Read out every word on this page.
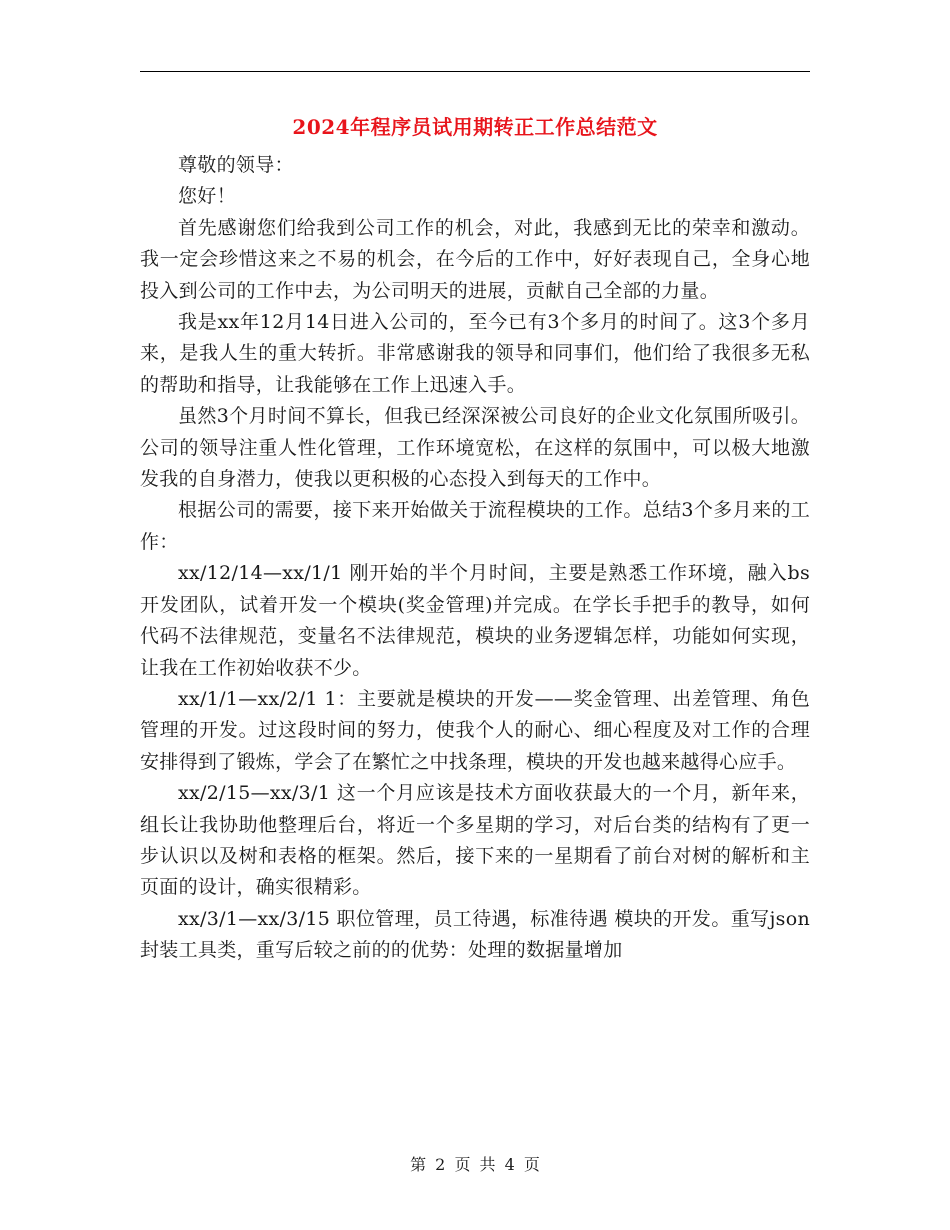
2024年程序员试用期转正工作总结范文

尊敬的领导：

您好！

首先感谢您们给我到公司工作的机会，对此，我感到无比的荣幸和激动。我一定会珍惜这来之不易的机会，在今后的工作中，好好表现自己，全身心地投入到公司的工作中去，为公司明天的进展，贡献自己全部的力量。

我是xx年12月14日进入公司的，至今已有3个多月的时间了。这3个多月来，是我人生的重大转折。非常感谢我的领导和同事们，他们给了我很多无私的帮助和指导，让我能够在工作上迅速入手。

虽然3个月时间不算长，但我已经深深被公司良好的企业文化氛围所吸引。公司的领导注重人性化管理，工作环境宽松，在这样的氛围中，可以极大地激发我的自身潜力，使我以更积极的心态投入到每天的工作中。

根据公司的需要，接下来开始做关于流程模块的工作。总结3个多月来的工作：

xx/12/14—xx/1/1 刚开始的半个月时间，主要是熟悉工作环境，融入bs开发团队，试着开发一个模块(奖金管理)并完成。在学长手把手的教导，如何代码不法律规范，变量名不法律规范，模块的业务逻辑怎样，功能如何实现，让我在工作初始收获不少。

xx/1/1—xx/2/1 1：主要就是模块的开发——奖金管理、出差管理、角色管理的开发。过这段时间的努力，使我个人的耐心、细心程度及对工作的合理安排得到了锻炼，学会了在繁忙之中找条理，模块的开发也越来越得心应手。

xx/2/15—xx/3/1 这一个月应该是技术方面收获最大的一个月，新年来，组长让我协助他整理后台，将近一个多星期的学习，对后台类的结构有了更一步认识以及树和表格的框架。然后，接下来的一星期看了前台对树的解析和主页面的设计，确实很精彩。

xx/3/1—xx/3/15 职位管理，员工待遇，标准待遇 模块的开发。重写json封装工具类，重写后较之前的的优势：处理的数据量增加

第 2 页 共 4 页
